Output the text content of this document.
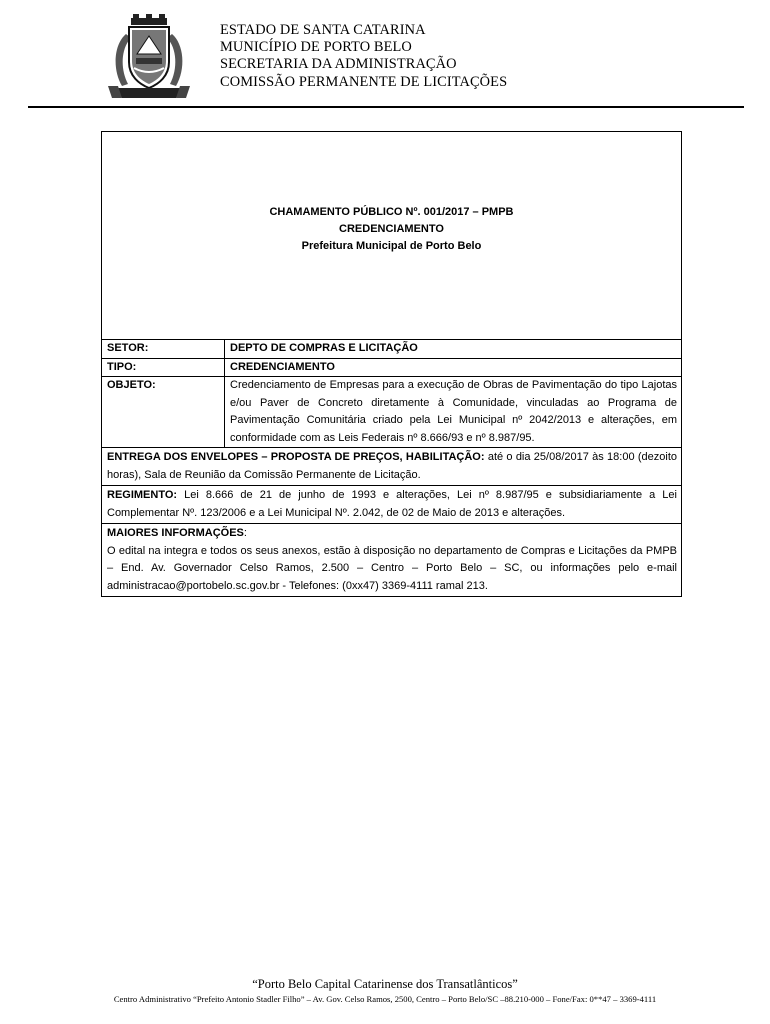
ESTADO DE SANTA CATARINA
MUNICÍPIO DE PORTO BELO
SECRETARIA DA ADMINISTRAÇÃO
COMISSÃO PERMANENTE DE LICITAÇÕES
CHAMAMENTO PÚBLICO Nº. 001/2017 – PMPB
CREDENCIAMENTO
Prefeitura Municipal de Porto Belo
SETOR:	DEPTO DE COMPRAS E LICITAÇÃO
TIPO:	CREDENCIAMENTO
OBJETO:	Credenciamento de Empresas para a execução de Obras de Pavimentação do tipo Lajotas e/ou Paver de Concreto diretamente à Comunidade, vinculadas ao Programa de Pavimentação Comunitária criado pela Lei Municipal nº 2042/2013 e alterações, em conformidade com as Leis Federais nº 8.666/93 e nº 8.987/95.
ENTREGA DOS ENVELOPES – PROPOSTA DE PREÇOS, HABILITAÇÃO: até o dia 25/08/2017 às 18:00 (dezoito horas), Sala de Reunião da Comissão Permanente de Licitação.
REGIMENTO: Lei 8.666 de 21 de junho de 1993 e alterações, Lei nº 8.987/95 e subsidiariamente a Lei Complementar Nº. 123/2006 e a Lei Municipal Nº. 2.042, de 02 de Maio de 2013 e alterações.
MAIORES INFORMAÇÕES:
O edital na integra e todos os seus anexos, estão à disposição no departamento de Compras e Licitações da PMPB – End. Av. Governador Celso Ramos, 2.500 – Centro – Porto Belo – SC, ou informações pelo e-mail administracao@portobelo.sc.gov.br - Telefones: (0xx47) 3369-4111 ramal 213.
“Porto Belo Capital Catarinense dos Transatlânticos”
Centro Administrativo “Prefeito Antonio Stadler Filho” – Av. Gov. Celso Ramos, 2500, Centro – Porto Belo/SC –88.210-000 – Fone/Fax: 0**47 – 3369-4111
